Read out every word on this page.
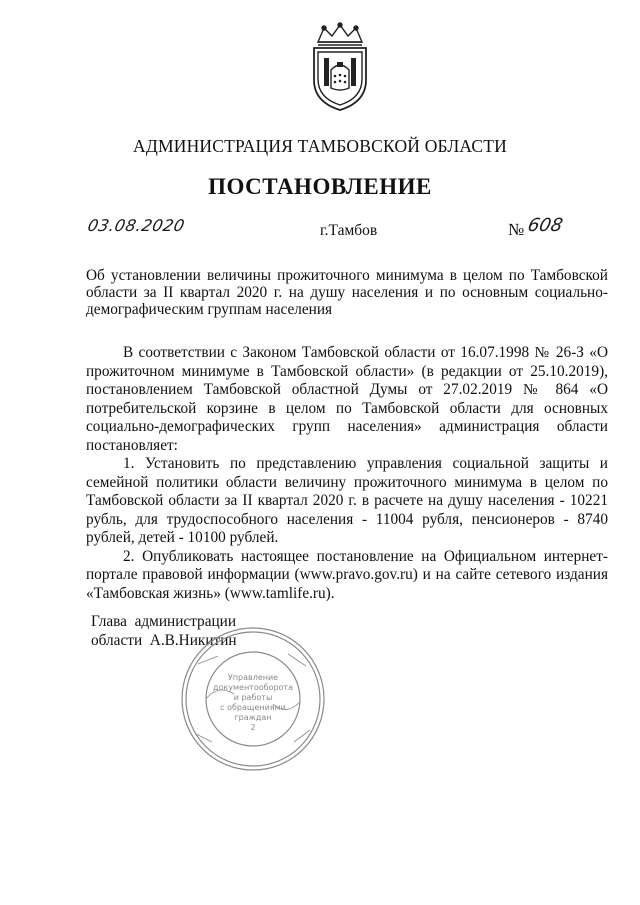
АДМИНИСТРАЦИЯ ТАМБОВСКОЙ ОБЛАСТИ
ПОСТАНОВЛЕНИЕ
03.08.2020	г.Тамбов	№ 608
Об установлении величины прожиточного минимума в целом по Тамбовской области за II квартал 2020 г. на душу населения и по основным социально-демографическим группам населения

В соответствии с Законом Тамбовской области от 16.07.1998 № 26-З «О прожиточном минимуме в Тамбовской области» (в редакции от 25.10.2019), постановлением Тамбовской областной Думы от 27.02.2019 № 864 «О потребительской корзине в целом по Тамбовской области для основных социально-демографических групп населения» администрация области постановляет:

1. Установить по представлению управления социальной защиты и семейной политики области величину прожиточного минимума в целом по Тамбовской области за II квартал 2020 г. в расчете на душу населения - 10221 рубль, для трудоспособного населения - 11004 рубля, пенсионеров - 8740 рублей, детей - 10100 рублей.

2. Опубликовать настоящее постановление на Официальном интернет-портале правовой информации (www.pravo.gov.ru) и на сайте сетевого издания «Тамбовская жизнь» (www.tamlife.ru).

Глава  администрации
области  А.В.Никитин
Управление
документооборота
и работы
с обращениями
граждан
2
